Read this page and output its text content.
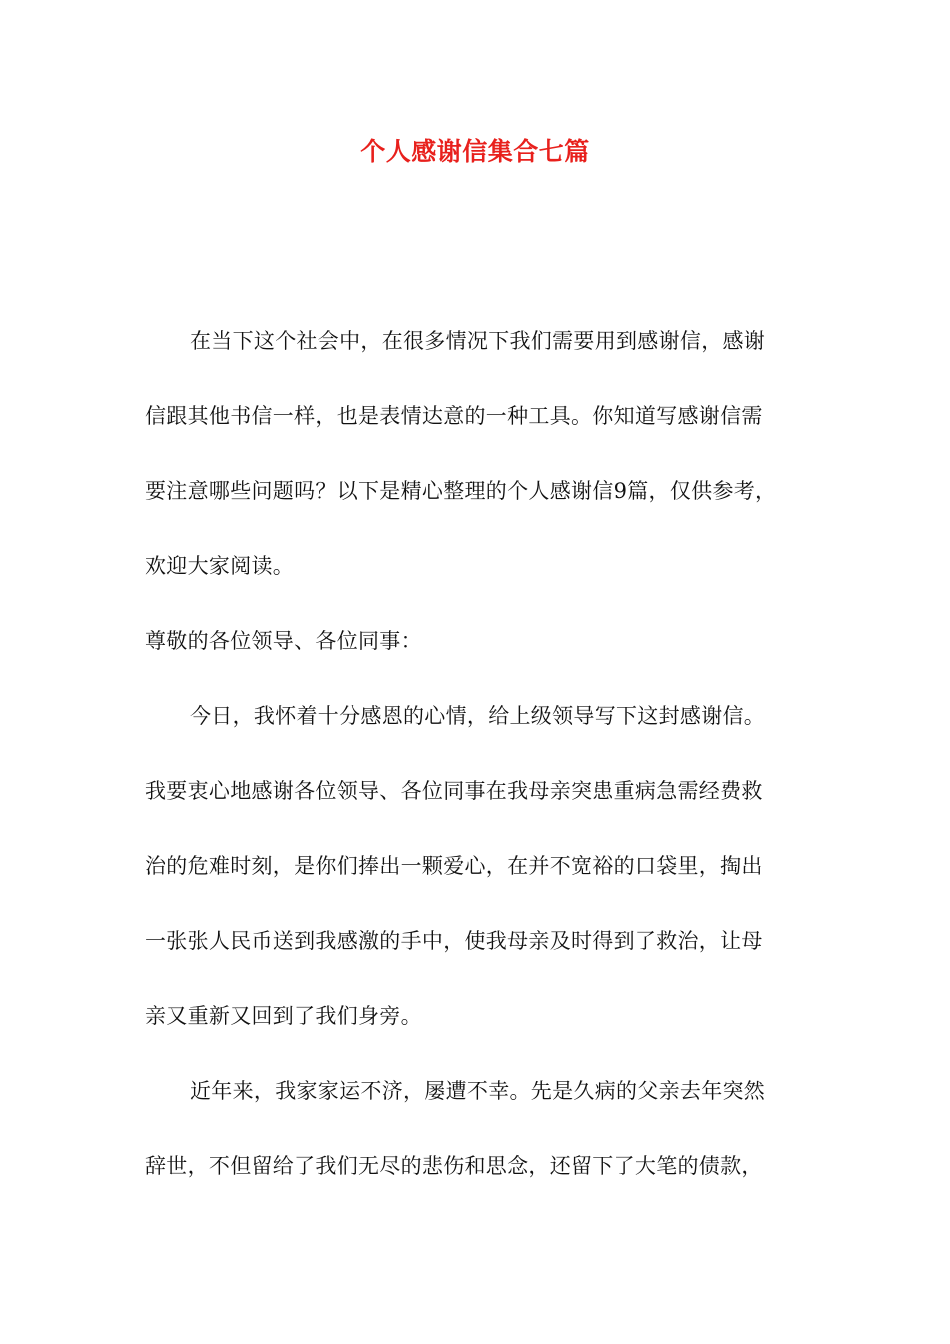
个人感谢信集合七篇
在当下这个社会中，在很多情况下我们需要用到感谢信，感谢
信跟其他书信一样，也是表情达意的一种工具。你知道写感谢信需
要注意哪些问题吗？以下是精心整理的个人感谢信9篇，仅供参考，
欢迎大家阅读。
尊敬的各位领导、各位同事：
今日，我怀着十分感恩的心情，给上级领导写下这封感谢信。
我要衷心地感谢各位领导、各位同事在我母亲突患重病急需经费救
治的危难时刻，是你们捧出一颗爱心，在并不宽裕的口袋里，掏出
一张张人民币送到我感激的手中，使我母亲及时得到了救治，让母
亲又重新又回到了我们身旁。
近年来，我家家运不济，屡遭不幸。先是久病的父亲去年突然
辞世，不但留给了我们无尽的悲伤和思念，还留下了大笔的债款，
